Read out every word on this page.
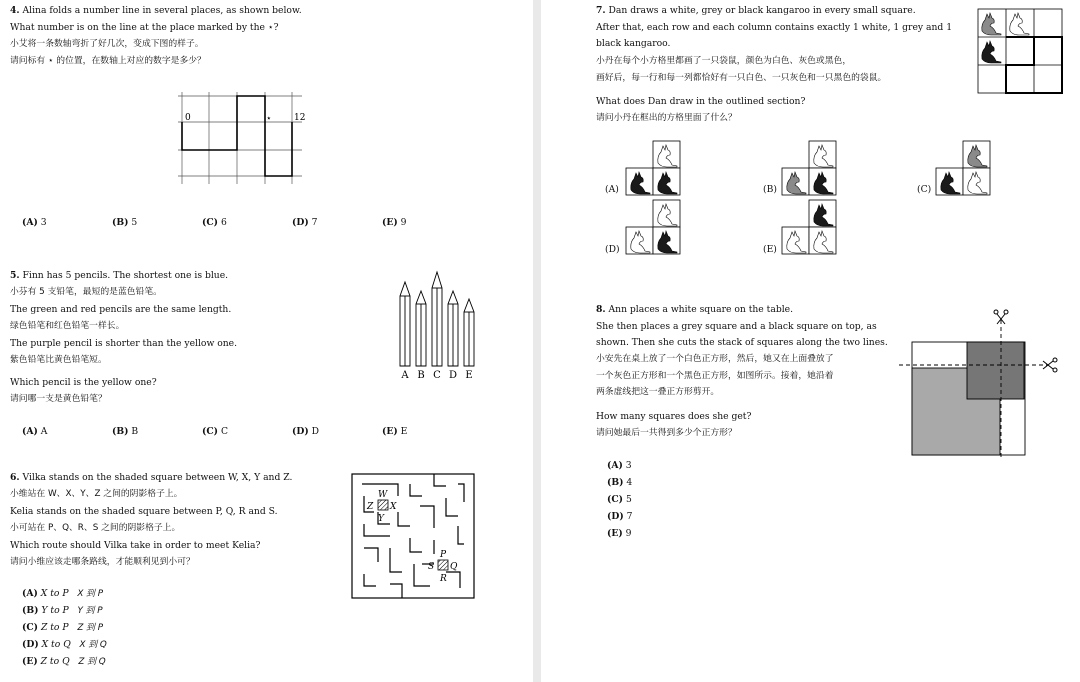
4. Alina folds a number line in several places, as shown below.
What number is on the line at the place marked by the ⋆?
小艾将一条数轴弯折了好几次，变成下图的样子。
请问标有 ⋆ 的位置，在数轴上对应的数字是多少？
0	12
⋆
(A) 3	(B) 5	(C) 6	(D) 7	(E) 9
5. Finn has 5 pencils. The shortest one is blue.
小芬有 5 支铅笔，最短的是蓝色铅笔。
The green and red pencils are the same length.
绿色铅笔和红色铅笔一样长。
The purple pencil is shorter than the yellow one.
紫色铅笔比黄色铅笔短。
Which pencil is the yellow one?
请问哪一支是黄色铅笔？
A B C D E
(A) A	(B) B	(C) C	(D) D	(E) E
6. Vilka stands on the shaded square between W, X, Y and Z.
小维站在 W、X、Y、Z 之间的阴影格子上。
Kelia stands on the shaded square between P, Q, R and S.
小可站在 P、Q、R、S 之间的阴影格子上。
Which route should Vilka take in order to meet Kelia?
请问小维应该走哪条路线，才能顺利见到小可？
W
X
Y
Z
P
Q
R
S
(A) X to P X 到 P
(B) Y to P Y 到 P
(C) Z to P Z 到 P
(D) X to Q X 到 Q
(E) Z to Q Z 到 Q
7. Dan draws a white, grey or black kangaroo in every small square.
After that, each row and each column contains exactly 1 white, 1 grey and 1
black kangaroo.
小丹在每个小方格里都画了一只袋鼠，颜色为白色、灰色或黑色，
画好后，每一行和每一列都恰好有一只白色、一只灰色和一只黑色的袋鼠。
What does Dan draw in the outlined section?
请问小丹在框出的方格里面了什么？
(A)	(B)	(C)
(D)	(E)
8. Ann places a white square on the table.
She then places a grey square and a black square on top, as
shown. Then she cuts the stack of squares along the two lines.
小安先在桌上放了一个白色正方形，然后，她又在上面叠放了
一个灰色正方形和一个黑色正方形，如图所示。接着，她沿着
两条虚线把这一叠正方形剪开。
How many squares does she get?
请问她最后一共得到多少个正方形？
(A) 3
(B) 4
(C) 5
(D) 7
(E) 9
